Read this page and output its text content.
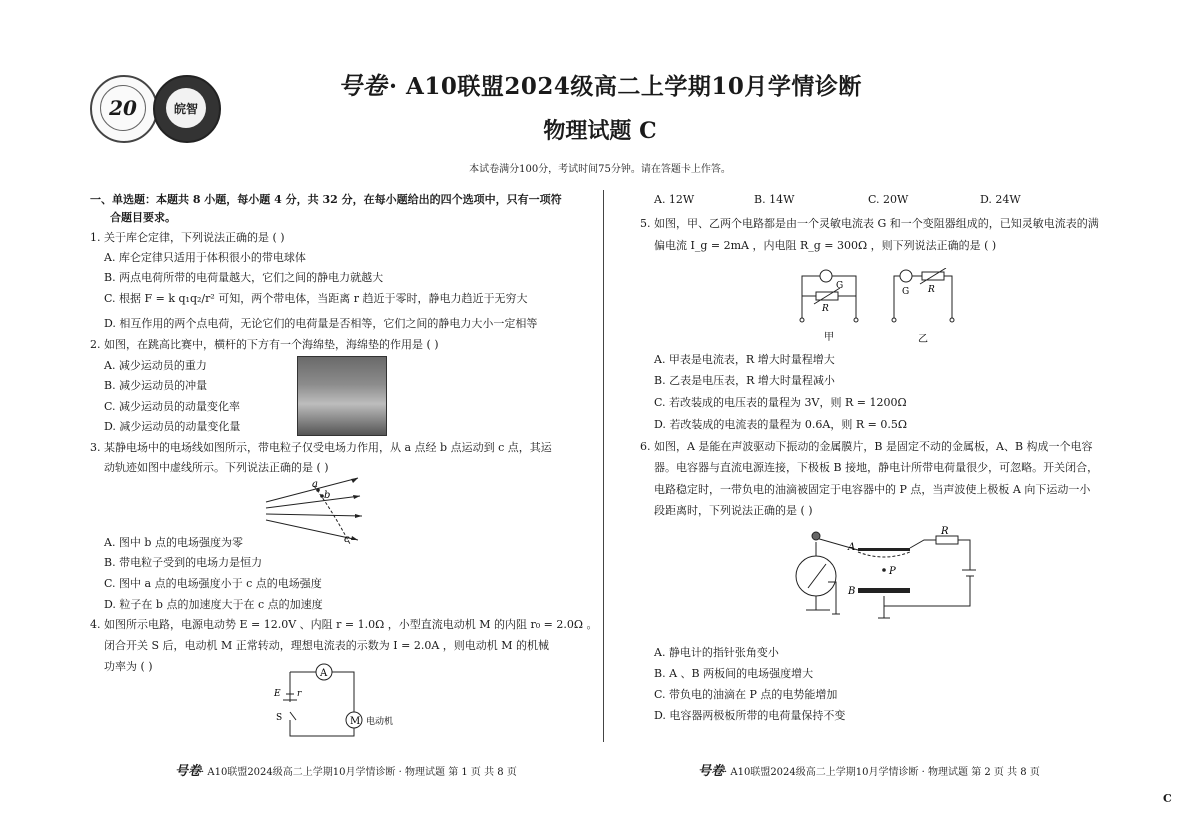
20	皖智
号卷· A10联盟2024级高二上学期10月学情诊断
物理试题 C
本试卷满分100分，考试时间75分钟。请在答题卡上作答。
一、单选题：本题共 8 小题，每小题 4 分，共 32 分，在每小题给出的四个选项中，只有一项符
合题目要求。
1. 关于库仑定律，下列说法正确的是 ( )
A. 库仑定律只适用于体积很小的带电球体
B. 两点电荷所带的电荷量越大，它们之间的静电力就越大
C. 根据 F = k q₁q₂/r² 可知，两个带电体，当距离 r 趋近于零时，静电力趋近于无穷大
D. 相互作用的两个点电荷，无论它们的电荷量是否相等，它们之间的静电力大小一定相等
2. 如图，在跳高比赛中，横杆的下方有一个海绵垫，海绵垫的作用是 ( )
A. 减少运动员的重力
B. 减少运动员的冲量
C. 减少运动员的动量变化率
D. 减少运动员的动量变化量
3. 某静电场中的电场线如图所示，带电粒子仅受电场力作用，从 a 点经 b 点运动到 c 点，其运
动轨迹如图中虚线所示。下列说法正确的是 ( )
A. 图中 b 点的电场强度为零
B. 带电粒子受到的电场力是恒力
C. 图中 a 点的电场强度小于 c 点的电场强度
D. 粒子在 b 点的加速度大于在 c 点的加速度
4. 如图所示电路，电源电动势 E = 12.0V 、内阻 r = 1.0Ω ，小型直流电动机 M 的内阻 r₀ = 2.0Ω 。
闭合开关 S 后，电动机 M 正常转动，理想电流表的示数为 I = 2.0A ，则电动机 M 的机械
功率为 ( )
a
b
c
A
E r
S	M 电动机
A. 12W	B. 14W	C. 20W	D. 24W
5. 如图，甲、乙两个电路都是由一个灵敏电流表 G 和一个变阻器组成的，已知灵敏电流表的满
偏电流 I_g = 2mA ，内电阻 R_g = 300Ω ，则下列说法正确的是 ( )
A. 甲表是电流表，R 增大时量程增大
B. 乙表是电压表，R 增大时量程减小
C. 若改装成的电压表的量程为 3V，则 R = 1200Ω
D. 若改装成的电流表的量程为 0.6A，则 R = 0.5Ω
6. 如图，A 是能在声波驱动下振动的金属膜片，B 是固定不动的金属板，A、B 构成一个电容
器。电容器与直流电源连接，下极板 B 接地，静电计所带电荷量很少，可忽略。开关闭合，
电路稳定时，一带负电的油滴被固定于电容器中的 P 点，当声波使上极板 A 向下运动一小
段距离时，下列说法正确的是 ( )
A. 静电计的指针张角变小
B. A 、B 两板间的电场强度增大
C. 带负电的油滴在 P 点的电势能增加
D. 电容器两极板所带的电荷量保持不变
G
R
G R
甲	乙
A
B
P
R
号卷· A10联盟2024级高二上学期10月学情诊断 · 物理试题 第 1 页 共 8 页	号卷· A10联盟2024级高二上学期10月学情诊断 · 物理试题 第 2 页 共 8 页
C
